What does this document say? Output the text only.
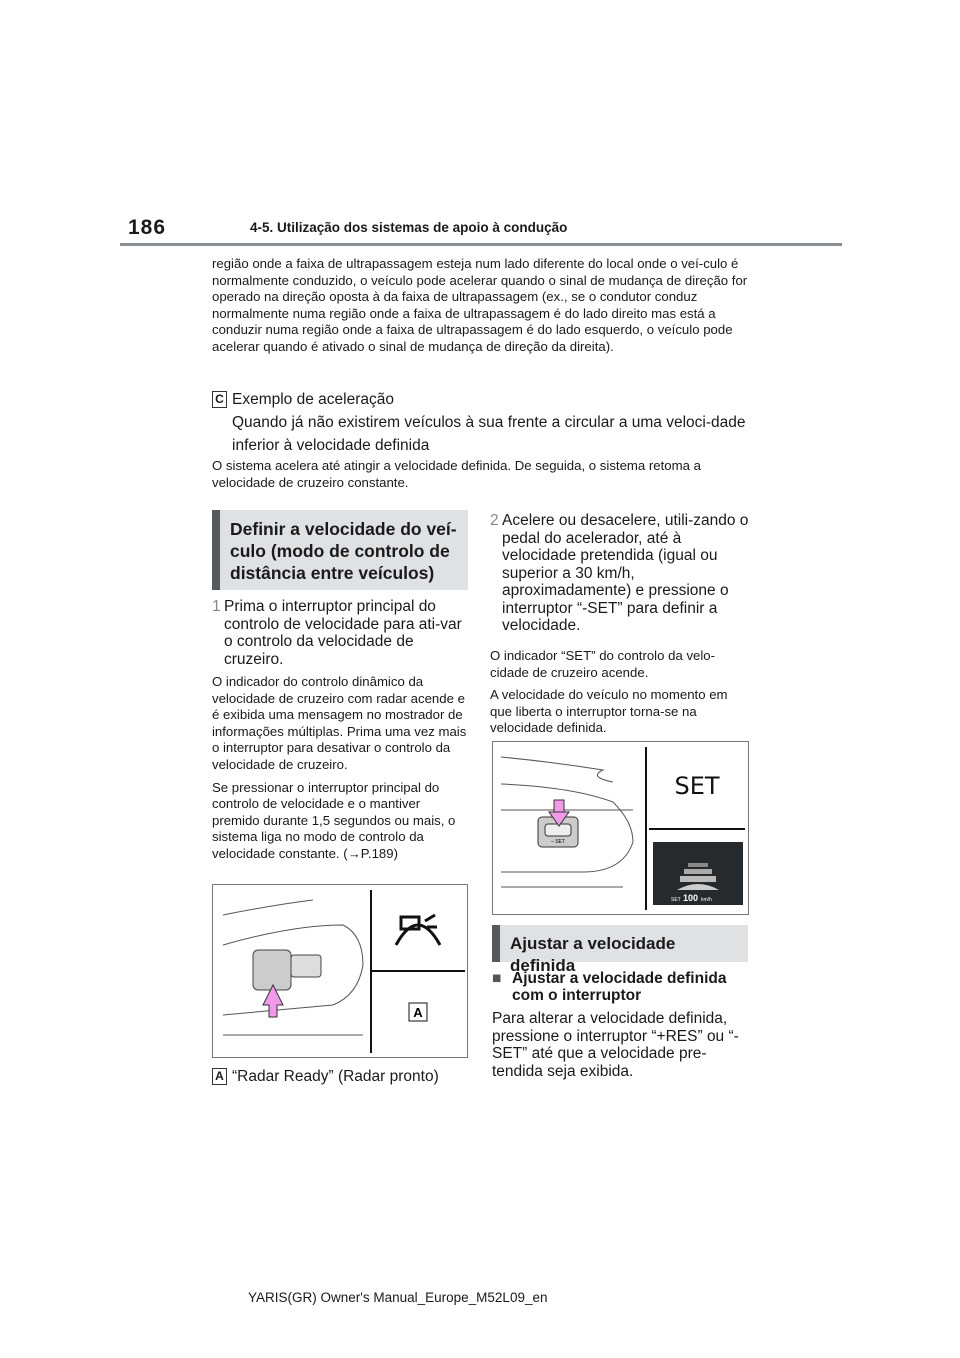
186	4-5. Utilização dos sistemas de apoio à condução

região onde a faixa de ultrapassagem esteja num lado diferente do local onde o veí-culo é normalmente conduzido, o veículo pode acelerar quando o sinal de mudança de direção for operado na direção oposta à da faixa de ultrapassagem (ex., se o condutor conduz normalmente numa região onde a faixa de ultrapassagem é do lado direito mas está a conduzir numa região onde a faixa de ultrapassagem é do lado esquerdo, o veículo pode acelerar quando é ativado o sinal de mudança de direção da direita).

C Exemplo de aceleração
Quando já não existirem veículos à sua frente a circular a uma veloci-dade inferior à velocidade definida

O sistema acelera até atingir a velocidade definida. De seguida, o sistema retoma a velocidade de cruzeiro constante.

Definir a velocidade do veí-culo (modo de controlo de distância entre veículos)
1 Prima o interruptor principal do controlo de velocidade para ati-var o controlo da velocidade de cruzeiro.

O indicador do controlo dinâmico da velocidade de cruzeiro com radar acende e é exibida uma mensagem no mostrador de informações múltiplas. Prima uma vez mais o interruptor para desativar o controlo da velocidade de cruzeiro.

Se pressionar o interruptor principal do controlo de velocidade e o mantiver premido durante 1,5 segundos ou mais, o sistema liga no modo de controlo da velocidade constante. (→P.189)

A
A “Radar Ready” (Radar pronto)
2 Acelere ou desacelere, utili-zando o pedal do acelerador, até à velocidade pretendida (igual ou superior a 30 km/h, aproximadamente) e pressione o interruptor “-SET” para definir a velocidade.

O indicador “SET” do controlo da velo-cidade de cruzeiro acende.

A velocidade do veículo no momento em que liberta o interruptor torna-se na velocidade definida.

– SET
SET
SET 100 km/h
Ajustar a velocidade definida
■ Ajustar a velocidade definida com o interruptor

Para alterar a velocidade definida, pressione o interruptor “+RES” ou “-SET” até que a velocidade pre-tendida seja exibida.

YARIS(GR) Owner's Manual_Europe_M52L09_en
